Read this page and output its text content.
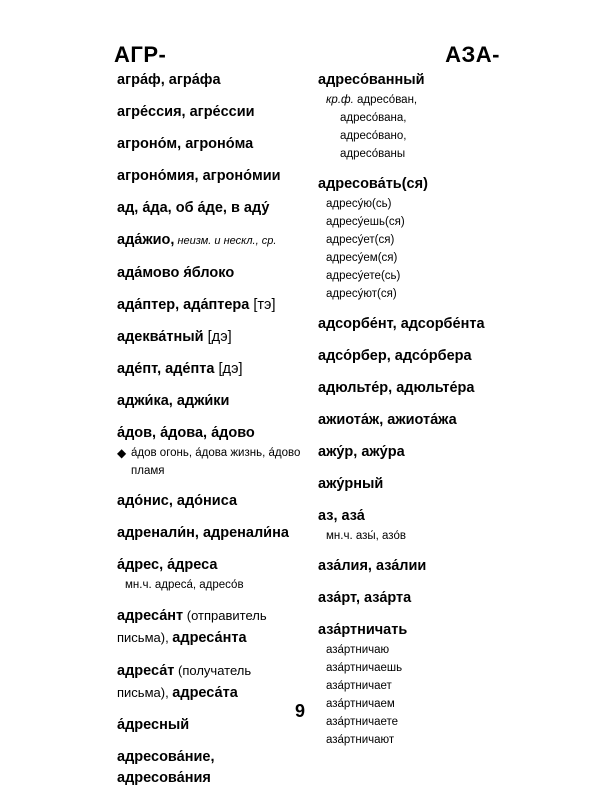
АГР-	АЗА-
агра́ф, агра́фа
агре́ссия, агре́ссии
агроно́м, агроно́ма
агроно́мия, агроно́мии
ад, а́да, об а́де, в аду́
ада́жио, неизм. и нескл., ср.
ада́мово я́блоко
ада́птер, ада́птера [тэ]
адеква́тный [дэ]
аде́пт, аде́пта [дэ]
аджи́ка, аджи́ки
а́дов, а́дова, а́дово
◆ а́дов огонь, а́дова жизнь, а́дово пламя
адо́нис, адо́ниса
адренали́н, адренали́на
а́дрес, а́дреса
мн.ч. адреса́, адресо́в
адреса́нт (отправитель
письма), адреса́нта
адреса́т (получатель
письма), адреса́та
а́дресный
адресова́ние,
адресова́ния
адресо́ванный
кр.ф. адресо́ван,
адресо́вана,
адресо́вано,
адресо́ваны
адресова́ть(ся)
адресу́ю(сь)
адресу́ешь(ся)
адресу́ет(ся)
адресу́ем(ся)
адресу́ете(сь)
адресу́ют(ся)
адсорбе́нт, адсорбе́нта
адсо́рбер, адсо́рбера
адюльте́р, адюльте́ра
ажиота́ж, ажиота́жа
ажу́р, ажу́ра
ажу́рный
аз, аза́
мн.ч. азы́, азо́в
аза́лия, аза́лии
аза́рт, аза́рта
аза́ртничать
аза́ртничаю
аза́ртничаешь
аза́ртничает
аза́ртничаем
аза́ртничаете
аза́ртничают
9
